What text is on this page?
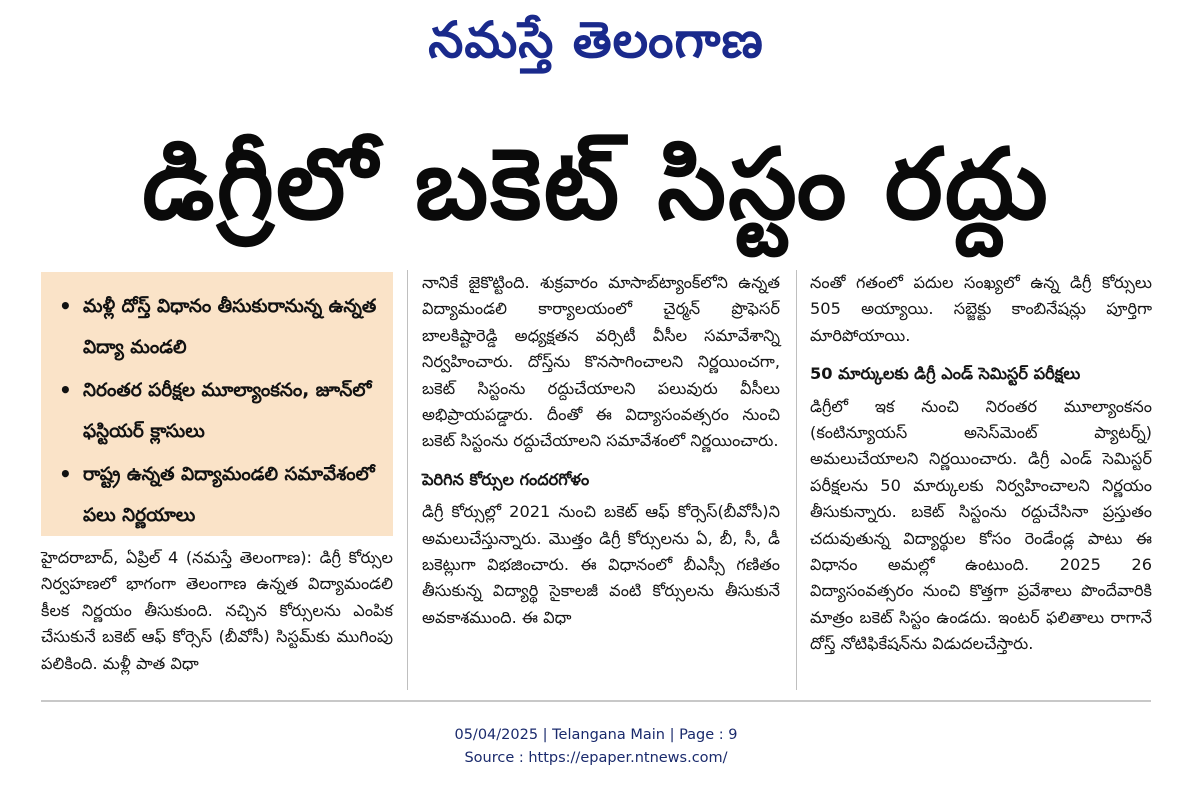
నమస్తే తెలంగాణ
డిగ్రీలో బకెట్ సిస్టం రద్దు
• మళ్లీ దోస్త్ విధానం తీసుకురానున్న ఉన్నత విద్యా మండలి
• నిరంతర పరీక్షల మూల్యాంకనం, జూన్‌లో ఫస్టియర్ క్లాసులు
• రాష్ట్ర ఉన్నత విద్యామండలి సమావేశంలో పలు నిర్ణయాలు

హైదరాబాద్, ఏప్రిల్ 4 (నమస్తే తెలంగాణ): డిగ్రీ కోర్సుల నిర్వహణలో భాగంగా తెలంగాణ ఉన్నత విద్యామండలి కీలక నిర్ణయం తీసుకుంది. నచ్చిన కోర్సులను ఎంపిక చేసుకునే బకెట్ ఆఫ్ కోర్సెస్ (బీవోసీ) సిస్టమ్‌కు ముగింపు పలికింది. మళ్లీ పాత విధా

నానికే జైకొట్టింది. శుక్రవారం మాసాబ్‌ట్యాంక్‌లోని ఉన్నత విద్యామండలి కార్యాలయంలో చైర్మన్ ప్రొఫెసర్ బాలకిష్టారెడ్డి అధ్యక్షతన వర్సిటీ వీసీల సమావేశాన్ని నిర్వహించారు. దోస్త్‌ను కొనసాగించాలని నిర్ణయించగా, బకెట్ సిస్టంను రద్దుచేయాలని పలువురు వీసీలు అభిప్రాయపడ్డారు. దీంతో ఈ విద్యాసంవత్సరం నుంచి బకెట్ సిస్టంను రద్దుచేయాలని సమావేశంలో నిర్ణయించారు.

పెరిగిన కోర్సుల గందరగోళం

డిగ్రీ కోర్సుల్లో 2021 నుంచి బకెట్ ఆఫ్ కోర్సెస్(బీవోసీ)ని అమలుచేస్తున్నారు. మొత్తం డిగ్రీ కోర్సులను ఏ, బీ, సీ, డీ బకెట్లుగా విభజించారు. ఈ విధానంలో బీఎస్సీ గణితం తీసుకున్న విద్యార్థి సైకాలజీ వంటి కోర్సులను తీసుకునే అవకాశముంది. ఈ విధా

నంతో గతంలో పదుల సంఖ్యలో ఉన్న డిగ్రీ కోర్సులు 505 అయ్యాయి. సబ్జెక్టు కాంబినేషన్లు పూర్తిగా మారిపోయాయి.

50 మార్కులకు డిగ్రీ ఎండ్ సెమిస్టర్ పరీక్షలు

డిగ్రీలో ఇక నుంచి నిరంతర మూల్యాంకనం (కంటిన్యూయస్ అసెస్‌మెంట్ ప్యాటర్న్) అమలుచేయాలని నిర్ణయించారు. డిగ్రీ ఎండ్ సెమిస్టర్ పరీక్షలను 50 మార్కులకు నిర్వహించాలని నిర్ణయం తీసుకున్నారు. బకెట్ సిస్టంను రద్దుచేసినా ప్రస్తుతం చదువుతున్న విద్యార్థుల కోసం రెండేండ్ల పాటు ఈ విధానం అమల్లో ఉంటుంది. 2025 26 విద్యాసంవత్సరం నుంచి కొత్తగా ప్రవేశాలు పొందేవారికి మాత్రం బకెట్ సిస్టం ఉండదు. ఇంటర్ ఫలితాలు రాగానే దోస్త్ నోటిఫికేషన్‌ను విడుదలచేస్తారు.

05/04/2025 | Telangana Main | Page : 9
Source : https://epaper.ntnews.com/
